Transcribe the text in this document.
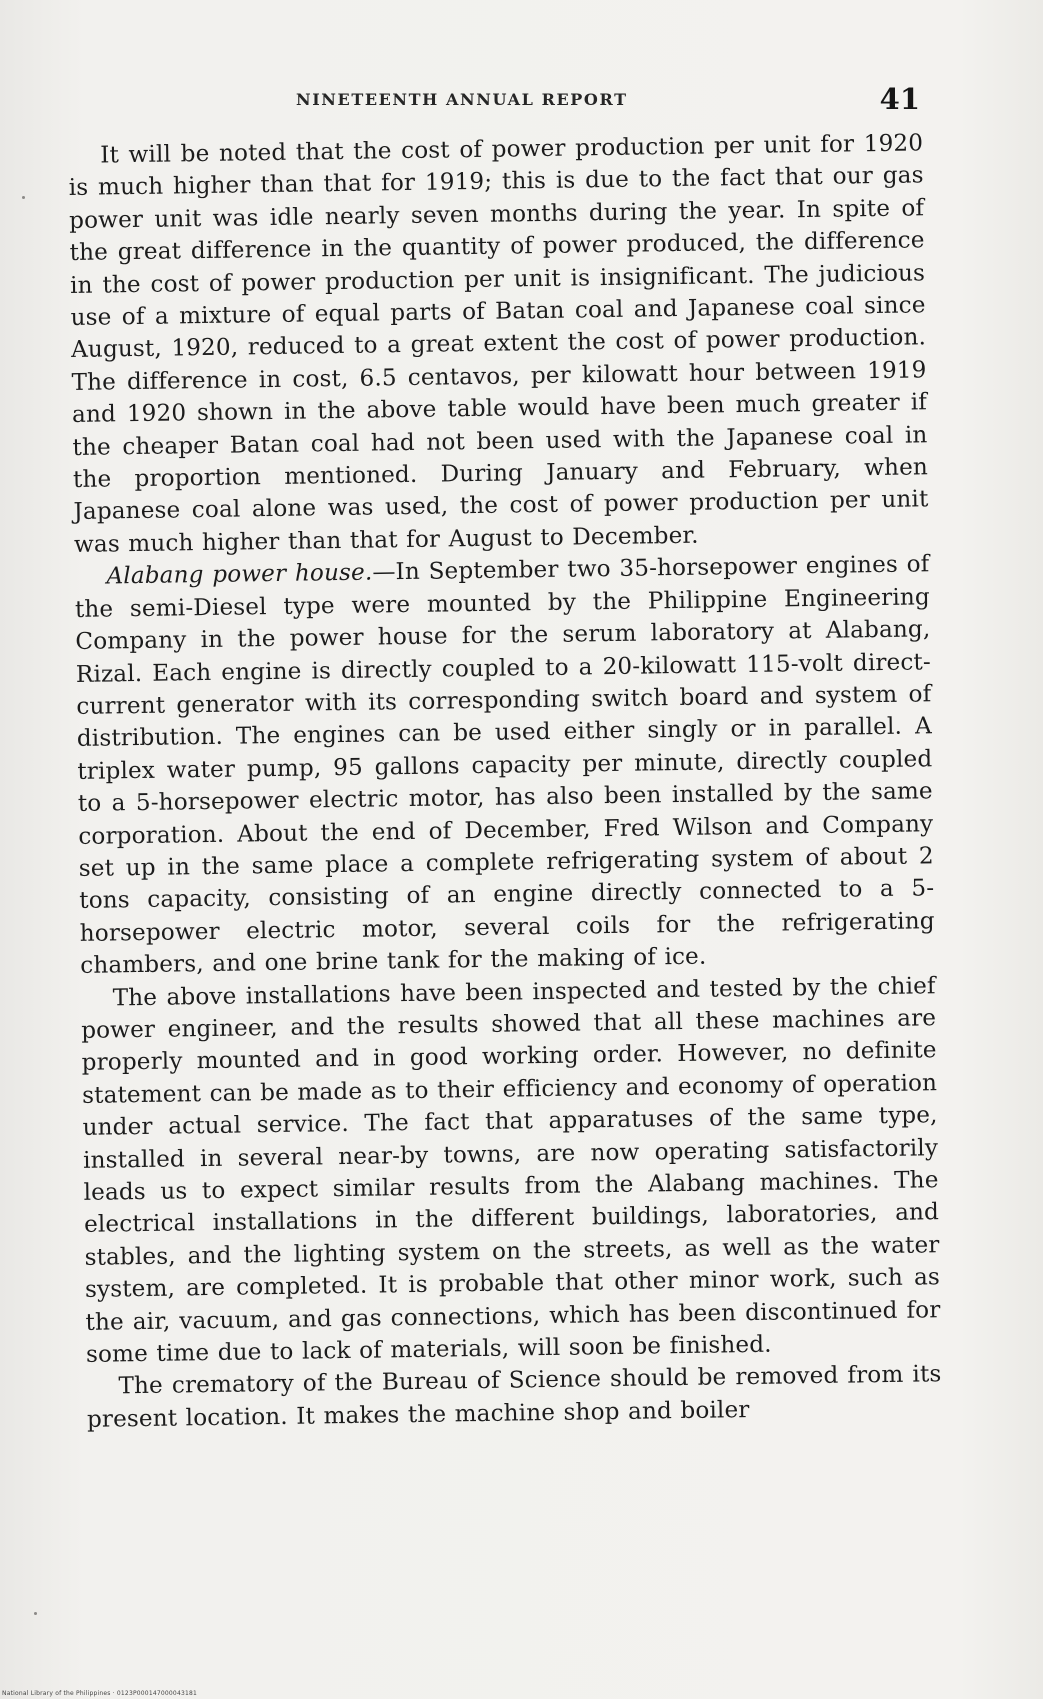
NINETEENTH ANNUAL REPORT	41

It will be noted that the cost of power production per unit for 1920 is much higher than that for 1919; this is due to the fact that our gas power unit was idle nearly seven months during the year. In spite of the great difference in the quantity of power produced, the difference in the cost of power production per unit is insignificant. The judicious use of a mixture of equal parts of Batan coal and Japanese coal since August, 1920, reduced to a great extent the cost of power production. The difference in cost, 6.5 centavos, per kilowatt hour between 1919 and 1920 shown in the above table would have been much greater if the cheaper Batan coal had not been used with the Japanese coal in the proportion mentioned. During January and February, when Japanese coal alone was used, the cost of power production per unit was much higher than that for August to December.

Alabang power house.—In September two 35-horsepower engines of the semi-Diesel type were mounted by the Philippine Engineering Company in the power house for the serum laboratory at Alabang, Rizal. Each engine is directly coupled to a 20-kilowatt 115-volt direct-current generator with its corresponding switch board and system of distribution. The engines can be used either singly or in parallel. A triplex water pump, 95 gallons capacity per minute, directly coupled to a 5-horsepower electric motor, has also been installed by the same corporation. About the end of December, Fred Wilson and Company set up in the same place a complete refrigerating system of about 2 tons capacity, consisting of an engine directly connected to a 5-horsepower electric motor, several coils for the refrigerating chambers, and one brine tank for the making of ice.

The above installations have been inspected and tested by the chief power engineer, and the results showed that all these machines are properly mounted and in good working order. However, no definite statement can be made as to their efficiency and economy of operation under actual service. The fact that apparatuses of the same type, installed in several near-by towns, are now operating satisfactorily leads us to expect similar results from the Alabang machines. The electrical installations in the different buildings, laboratories, and stables, and the lighting system on the streets, as well as the water system, are completed. It is probable that other minor work, such as the air, vacuum, and gas connections, which has been discontinued for some time due to lack of materials, will soon be finished.

The crematory of the Bureau of Science should be removed from its present location. It makes the machine shop and boiler

National Library of the Philippines · 0123P000147000043181
